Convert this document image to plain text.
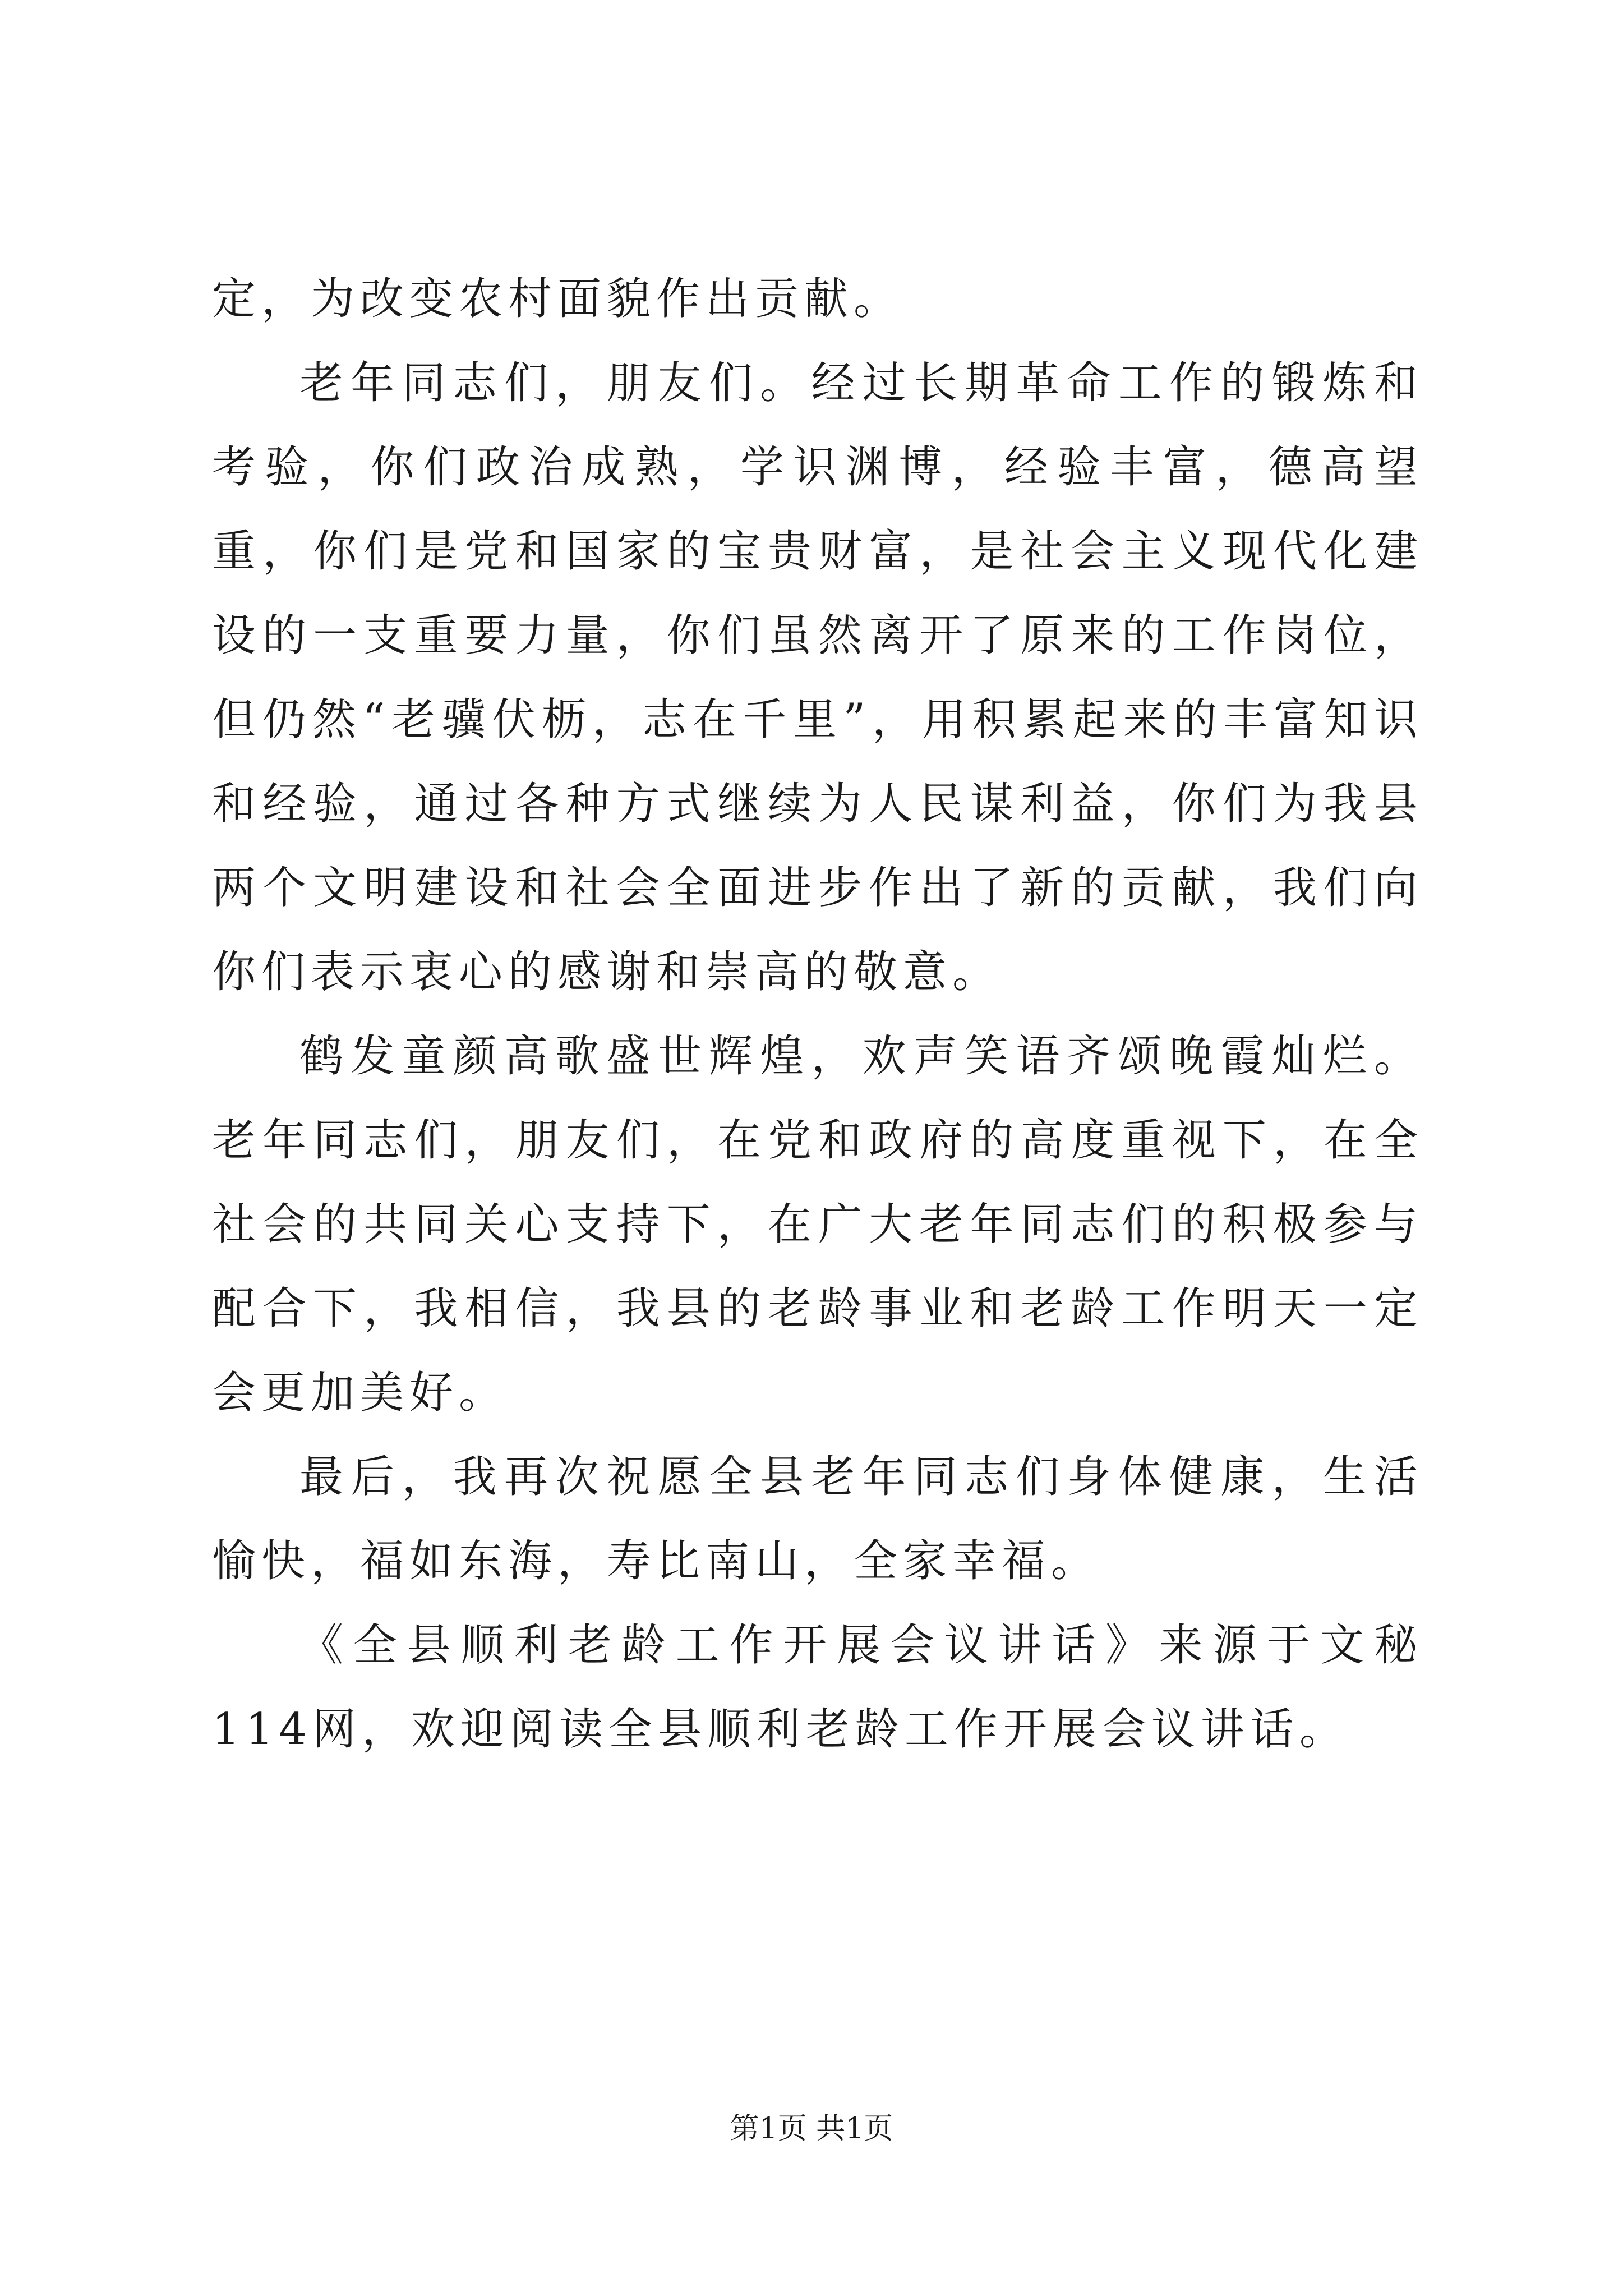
定，为改变农村面貌作出贡献。

老年同志们，朋友们。经过长期革命工作的锻炼和考验，你们政治成熟，学识渊博，经验丰富，德高望重，你们是党和国家的宝贵财富，是社会主义现代化建设的一支重要力量，你们虽然离开了原来的工作岗位，但仍然“老骥伏枥，志在千里”，用积累起来的丰富知识和经验，通过各种方式继续为人民谋利益，你们为我县两个文明建设和社会全面进步作出了新的贡献，我们向你们表示衷心的感谢和崇高的敬意。

鹤发童颜高歌盛世辉煌，欢声笑语齐颂晚霞灿烂。老年同志们，朋友们，在党和政府的高度重视下，在全社会的共同关心支持下，在广大老年同志们的积极参与配合下，我相信，我县的老龄事业和老龄工作明天一定会更加美好。

最后，我再次祝愿全县老年同志们身体健康，生活愉快，福如东海，寿比南山，全家幸福。

《全县顺利老龄工作开展会议讲话》来源于文秘114网，欢迎阅读全县顺利老龄工作开展会议讲话。

第1页 共1页
